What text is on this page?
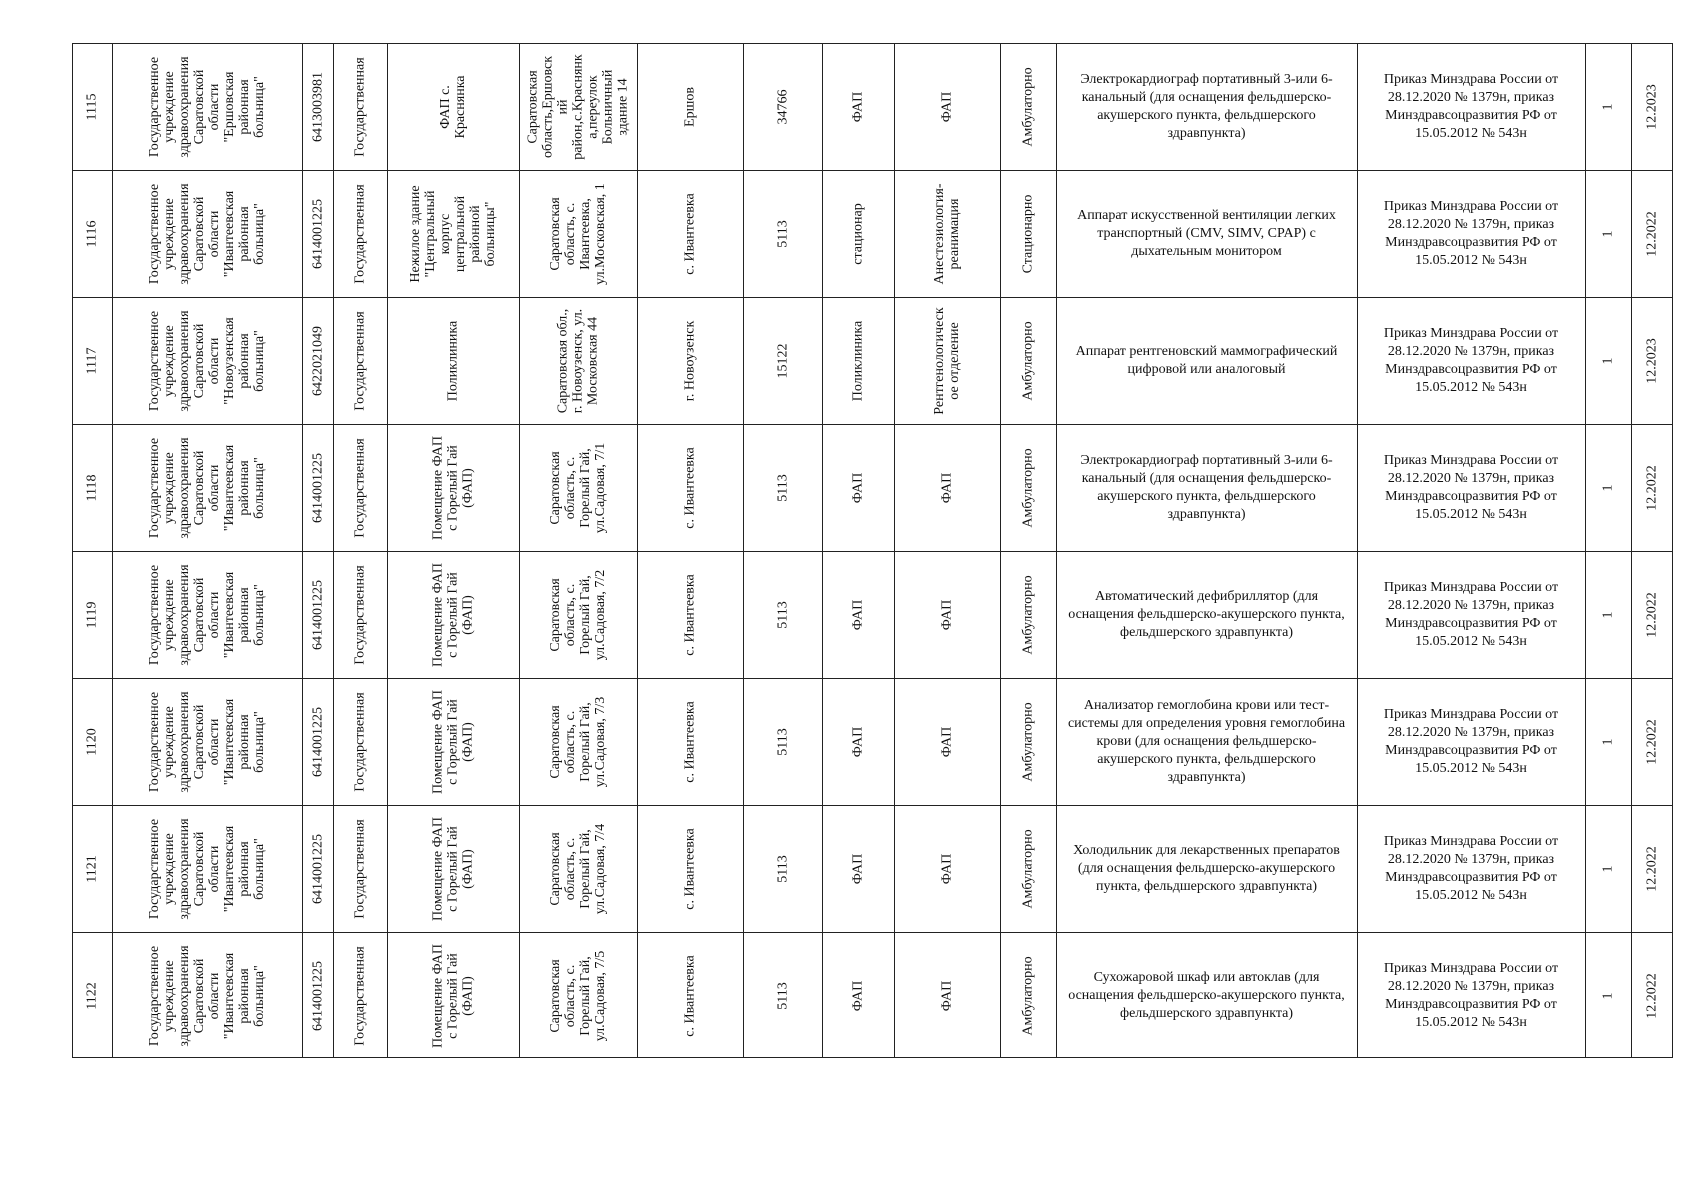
1115	Государственное
учреждение
здравоохранения
Саратовской
области
"Ершовская
районная
больница"	6413003981 Государственная	ФАП с.
Краснянка	Саратовская
область,Ершовск
ий
район,с.Краснянк
а,переулок
Больничный
здание 14
Ершов	34766	ФАП	ФАП	Амбулаторно	Электрокардиограф портативный 3-или 6-канальный (для оснащения фельдшерско-акушерского пункта, фельдшерского здравпункта)
Приказ Минздрава России от 28.12.2020 № 1379н, приказ Минздравсоцразвития РФ от 15.05.2012 № 543н
1 12.2023
1116	Государственное
учреждение
здравоохранения
Саратовской
области
"Ивантеевская
районная
больница"	6414001225 Государственная	Нежилое здание
"Центральный
корпус
центральной
районной
больницы"	Саратовская
область, с.
Ивантеевка,
ул.Московская, 1
с. Ивантеевка	5113	стационар	Анестезиология-
реанимация	Стационарно	Аппарат искусственной вентиляции легких транспортный (CMV, SIMV, CPAP) с дыхательным монитором
Приказ Минздрава России от 28.12.2020 № 1379н, приказ Минздравсоцразвития РФ от 15.05.2012 № 543н
1 12.2022
1117	Государственное
учреждение
здравоохранения
Саратовской
области
"Новоузенская
районная
больница"	6422021049 Государственная	Поликлиника	Саратовская обл.,
г. Новоузенск, ул.
Московская 44	г. Новоузенск	15122	Поликлиника	Рентгенологическ
ое отделение	Амбулаторно	Аппарат рентгеновский маммографический цифровой или аналоговый
Приказ Минздрава России от 28.12.2020 № 1379н, приказ Минздравсоцразвития РФ от 15.05.2012 № 543н
1 12.2023
1118	Государственное
учреждение
здравоохранения
Саратовской
области
"Ивантеевская
районная
больница"	6414001225 Государственная	Помещение ФАП
с Горелый Гай
(ФАП)	Саратовская
область, с.
Горелый Гай,
ул.Садовая, 7/1	с. Ивантеевка	5113	ФАП	ФАП	Амбулаторно	Электрокардиограф портативный 3-или 6-канальный (для оснащения фельдшерско-акушерского пункта, фельдшерского здравпункта)
Приказ Минздрава России от 28.12.2020 № 1379н, приказ Минздравсоцразвития РФ от 15.05.2012 № 543н
1 12.2022
1119	Государственное
учреждение
здравоохранения
Саратовской
области
"Ивантеевская
районная
больница"	6414001225 Государственная	Помещение ФАП
с Горелый Гай
(ФАП)	Саратовская
область, с.
Горелый Гай,
ул.Садовая, 7/2	с. Ивантеевка	5113	ФАП	ФАП	Амбулаторно	Автоматический дефибриллятор (для оснащения фельдшерско-акушерского пункта, фельдшерского здравпункта)
Приказ Минздрава России от 28.12.2020 № 1379н, приказ Минздравсоцразвития РФ от 15.05.2012 № 543н
1 12.2022
1120	Государственное
учреждение
здравоохранения
Саратовской
области
"Ивантеевская
районная
больница"	6414001225 Государственная	Помещение ФАП
с Горелый Гай
(ФАП)	Саратовская
область, с.
Горелый Гай,
ул.Садовая, 7/3	с. Ивантеевка	5113	ФАП	ФАП	Амбулаторно	Анализатор гемоглобина крови или тест-системы для определения уровня гемоглобина крови (для оснащения фельдшерско-акушерского пункта, фельдшерского здравпункта)
Приказ Минздрава России от 28.12.2020 № 1379н, приказ Минздравсоцразвития РФ от 15.05.2012 № 543н
1 12.2022
1121	Государственное
учреждение
здравоохранения
Саратовской
области
"Ивантеевская
районная
больница"	6414001225 Государственная	Помещение ФАП
с Горелый Гай
(ФАП)	Саратовская
область, с.
Горелый Гай,
ул.Садовая, 7/4	с. Ивантеевка	5113	ФАП	ФАП	Амбулаторно	Холодильник для лекарственных препаратов (для оснащения фельдшерско-акушерского пункта, фельдшерского здравпункта)
Приказ Минздрава России от 28.12.2020 № 1379н, приказ Минздравсоцразвития РФ от 15.05.2012 № 543н
1 12.2022
1122	Государственное
учреждение
здравоохранения
Саратовской
области
"Ивантеевская
районная
больница"	6414001225 Государственная	Помещение ФАП
с Горелый Гай
(ФАП)	Саратовская
область, с.
Горелый Гай,
ул.Садовая, 7/5	с. Ивантеевка	5113	ФАП	ФАП	Амбулаторно	Сухожаровой шкаф или автоклав (для оснащения фельдшерско-акушерского пункта, фельдшерского здравпункта)
Приказ Минздрава России от 28.12.2020 № 1379н, приказ Минздравсоцразвития РФ от 15.05.2012 № 543н
1 12.2022
